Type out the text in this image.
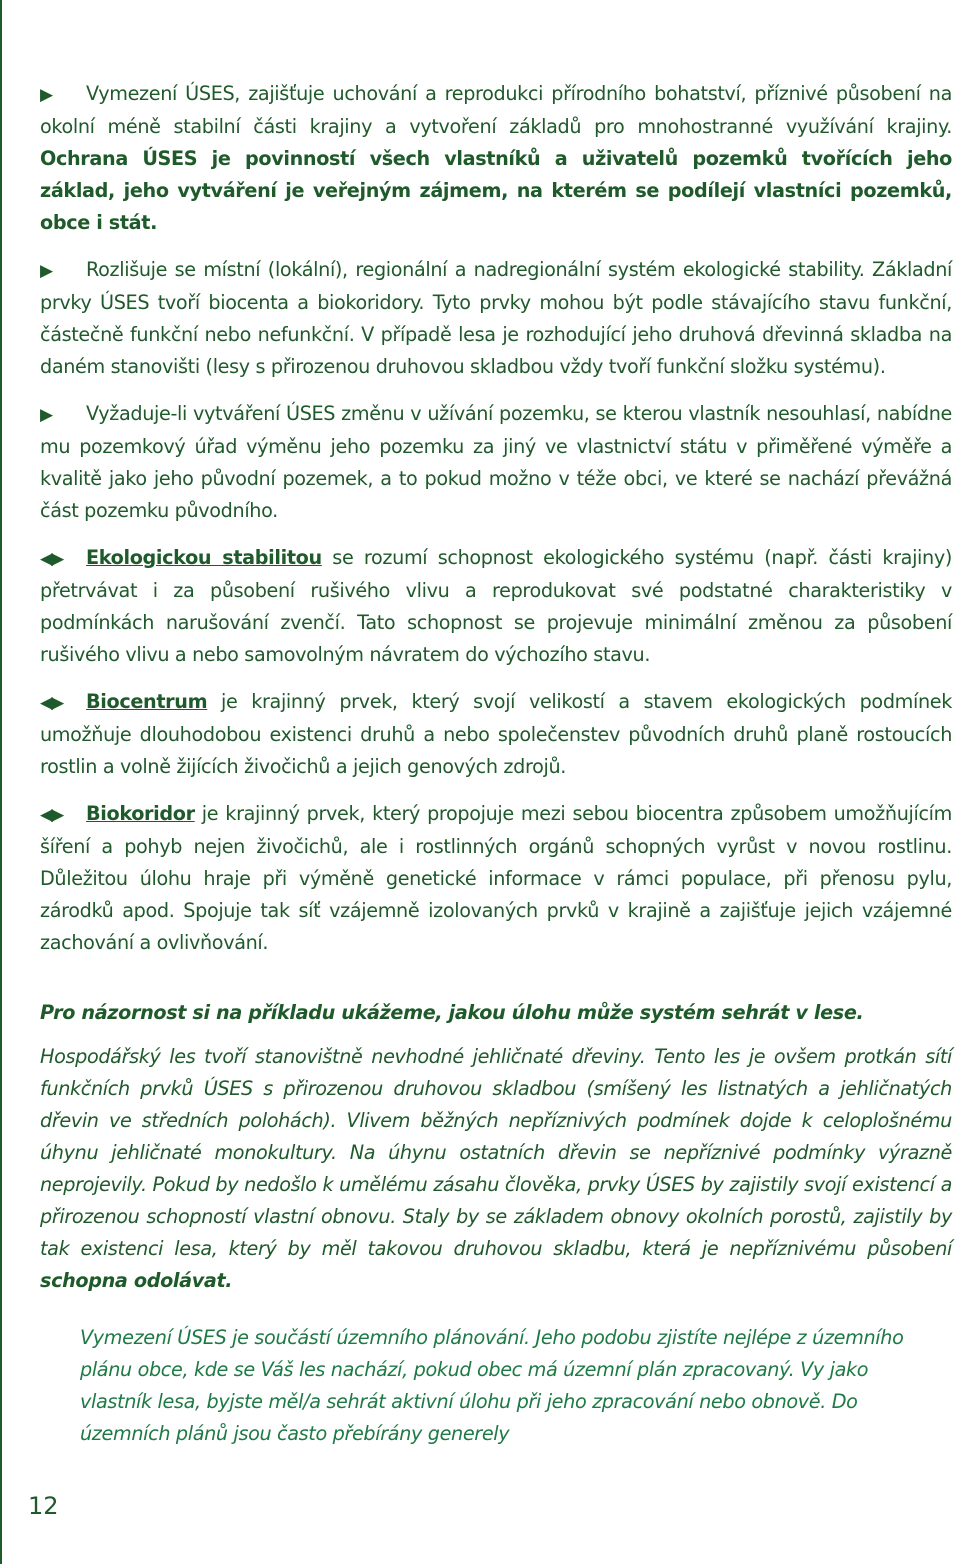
▶ Vymezení ÚSES, zajišťuje uchování a reprodukci přírodního bohatství, příznivé působení na okolní méně stabilní části krajiny a vytvoření základů pro mnohostranné využívání krajiny. Ochrana ÚSES je povinností všech vlastníků a uživatelů pozemků tvořících jeho základ, jeho vytváření je veřejným zájmem, na kterém se podílejí vlastníci pozemků, obce i stát.

▶ Rozlišuje se místní (lokální), regionální a nadregionální systém ekologické stability. Základní prvky ÚSES tvoří biocenta a biokoridory. Tyto prvky mohou být podle stávajícího stavu funkční, částečně funkční nebo nefunkční. V případě lesa je rozhodující jeho druhová dřevinná skladba na daném stanovišti (lesy s přirozenou druhovou skladbou vždy tvoří funkční složku systému).

▶ Vyžaduje-li vytváření ÚSES změnu v užívání pozemku, se kterou vlastník nesouhlasí, nabídne mu pozemkový úřad výměnu jeho pozemku za jiný ve vlastnictví státu v přiměřené výměře a kvalitě jako jeho původní pozemek, a to pokud možno v téže obci, ve které se nachází převážná část pozemku původního.

◀▶ Ekologickou stabilitou se rozumí schopnost ekologického systému (např. části krajiny) přetrvávat i za působení rušivého vlivu a reprodukovat své podstatné charakteristiky v podmínkách narušování zvenčí. Tato schopnost se projevuje minimální změnou za působení rušivého vlivu a nebo samovolným návratem do výchozího stavu.

◀▶ Biocentrum je krajinný prvek, který svojí velikostí a stavem ekologických podmínek umožňuje dlouhodobou existenci druhů a nebo společenstev původních druhů planě rostoucích rostlin a volně žijících živočichů a jejich genových zdrojů.

◀▶ Biokoridor je krajinný prvek, který propojuje mezi sebou biocentra způsobem umožňujícím šíření a pohyb nejen živočichů, ale i rostlinných orgánů schopných vyrůst v novou rostlinu. Důležitou úlohu hraje při výměně genetické informace v rámci populace, při přenosu pylu, zárodků apod. Spojuje tak síť vzájemně izolovaných prvků v krajině a zajišťuje jejich vzájemné zachování a ovlivňování.

Pro názornost si na příkladu ukážeme, jakou úlohu může systém sehrát v lese.

Hospodářský les tvoří stanovištně nevhodné jehličnaté dřeviny. Tento les je ovšem protkán sítí funkčních prvků ÚSES s přirozenou druhovou skladbou (smíšený les listnatých a jehličnatých dřevin ve středních polohách). Vlivem běžných nepříznivých podmínek dojde k celoplošnému úhynu jehličnaté monokultury. Na úhynu ostatních dřevin se nepříznivé podmínky výrazně neprojevily. Pokud by nedošlo k umělému zásahu člověka, prvky ÚSES by zajistily svojí existencí a přirozenou schopností vlastní obnovu. Staly by se základem obnovy okolních porostů, zajistily by tak existenci lesa, který by měl takovou druhovou skladbu, která je nepříznivému působení schopna odolávat.

Vymezení ÚSES je součástí územního plánování. Jeho podobu zjistíte nejlépe z územního plánu obce, kde se Váš les nachází, pokud obec má územní plán zpracovaný. Vy jako vlastník lesa, byjste měl/a sehrát aktivní úlohu při jeho zpracování nebo obnově. Do územních plánů jsou často přebírány generely
12
